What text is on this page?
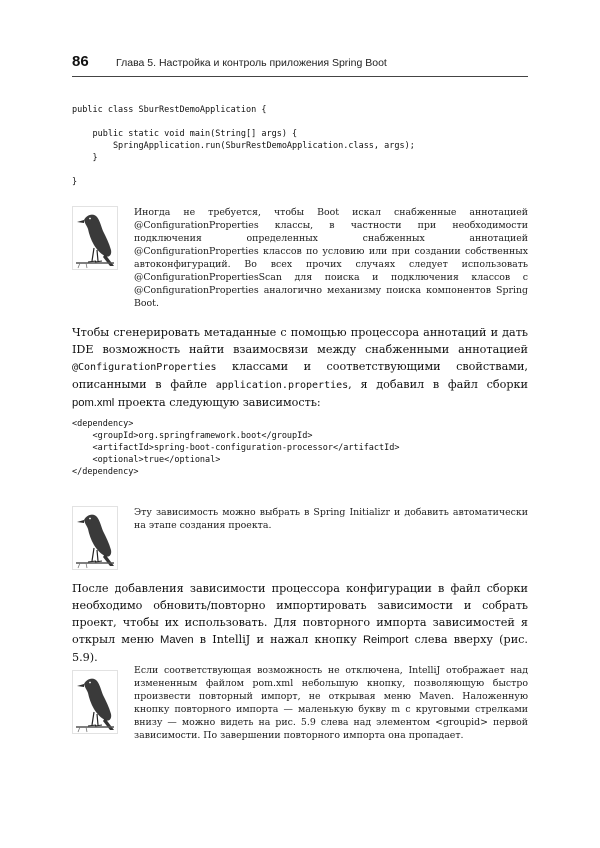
86	Глава 5. Настройка и контроль приложения Spring Boot
public class SburRestDemoApplication {

public static void main(String[] args) {
SpringApplication.run(SburRestDemoApplication.class, args);
}

}
Иногда не требуется, чтобы Boot искал снабженные аннотацией @ConfigurationProperties классы, в частности при необходимости подключения определенных снабженных аннотацией @ConfigurationProperties классов по условию или при создании собственных автоконфигураций. Во всех прочих случаях следует использовать @ConfigurationPropertiesScan для поиска и подключения классов с @ConfigurationProperties аналогично механизму поиска компонентов Spring Boot.

Чтобы сгенерировать метаданные с помощью процессора аннотаций и дать IDE возможность найти взаимосвязи между снабженными аннотацией @ConfigurationProperties классами и соответствующими свойствами, описанными в файле application.properties, я добавил в файл сборки pom.xml проекта следующую зависимость:

<dependency>
<groupId>org.springframework.boot</groupId>
<artifactId>spring-boot-configuration-processor</artifactId>
<optional>true</optional>
</dependency>
Эту зависимость можно выбрать в Spring Initializr и добавить автоматически на этапе создания проекта.

После добавления зависимости процессора конфигурации в файл сборки необходимо обновить/повторно импортировать зависимости и собрать проект, чтобы их использовать. Для повторного импорта зависимостей я открыл меню Maven в IntelliJ и нажал кнопку Reimport слева вверху (рис. 5.9).

Если соответствующая возможность не отключена, IntelliJ отображает над измененным файлом pom.xml небольшую кнопку, позволяющую быстро произвести повторный импорт, не открывая меню Maven. Наложенную кнопку повторного импорта — маленькую букву m с круговыми стрелками внизу — можно видеть на рис. 5.9 слева над элементом <groupid> первой зависимости. По завершении повторного импорта она пропадает.
